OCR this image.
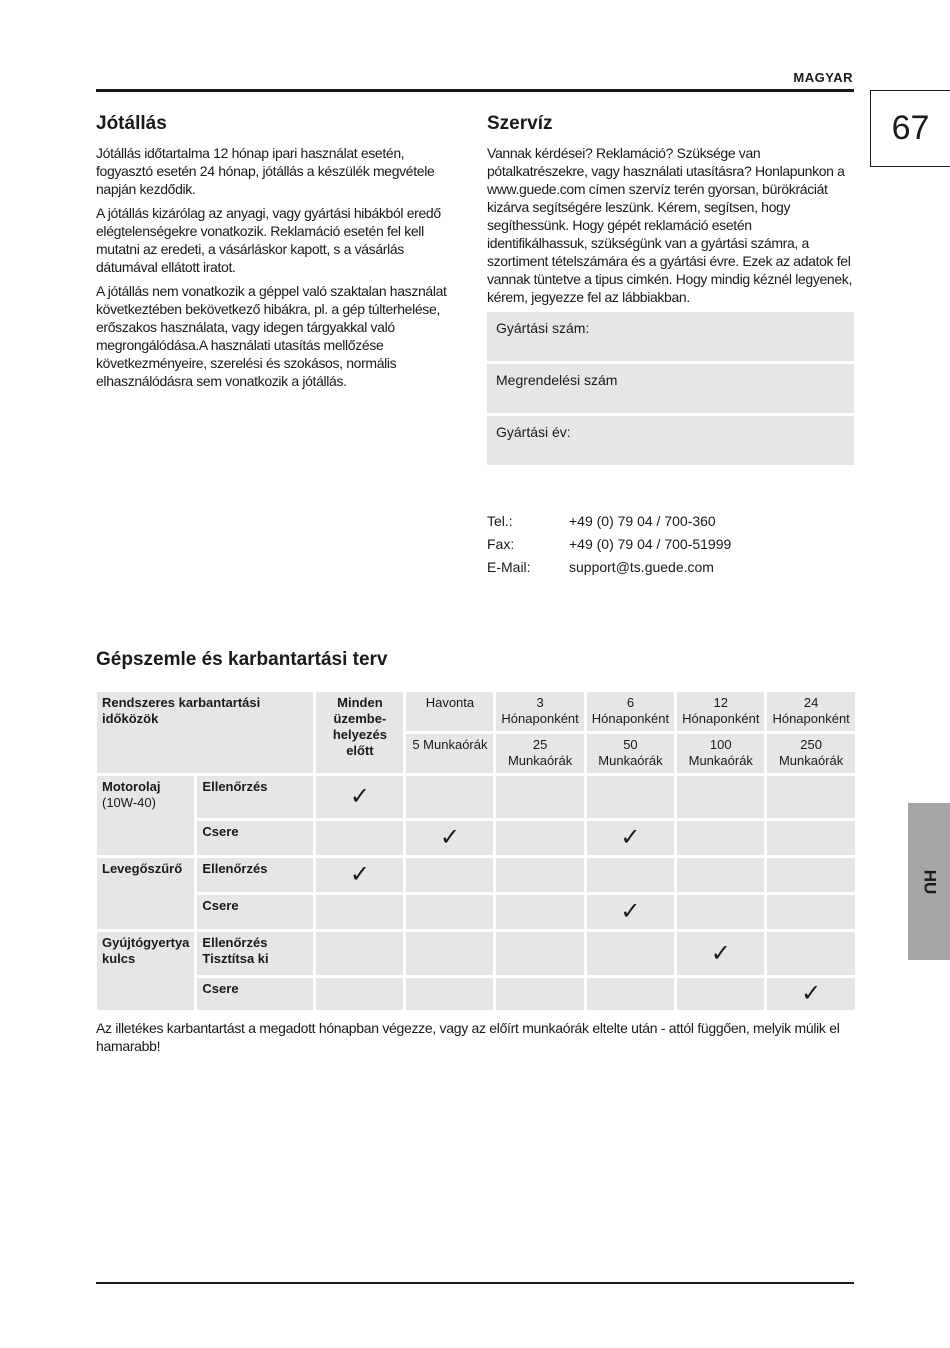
MAGYAR
67
HU
Jótállás

Jótállás időtartalma 12 hónap ipari használat esetén, fogyasztó esetén 24 hónap, jótállás a készülék megvétele napján kezdődik.

A jótállás kizárólag az anyagi, vagy gyártási hibákból eredő elégtelenségekre vonatkozik. Reklamáció esetén fel kell mutatni az eredeti, a vásárláskor kapott, s a vásárlás dátumával ellátott iratot.

A jótállás nem vonatkozik a géppel való szaktalan használat következtében bekövetkező hibákra, pl. a gép túlterhelése, erőszakos használata, vagy idegen tárgyakkal való megrongálódása.A használati utasítás mellőzése következményeire, szerelési és szokásos, normális elhasználódásra sem vonatkozik a jótállás.

Szervíz

Vannak kérdései? Reklamáció? Szüksége van pótalkatrészekre, vagy használati utasításra? Honlapunkon a www.guede.com címen szervíz terén gyorsan, bürökráciát kizárva segítségére leszünk. Kérem, segítsen, hogy segíthessünk. Hogy gépét reklamáció esetén identifikálhassuk, szükségünk van a gyártási számra, a szortiment tételszámára és a gyártási évre. Ezek az adatok fel vannak tüntetve a tipus cimkén. Hogy mindig kéznél legyenek, kérem, jegyezze fel az lábbiakban.

Gyártási szám:
Megrendelési szám
Gyártási év:
Tel.:	+49 (0) 79 04 / 700-360
Fax:	+49 (0) 79 04 / 700-51999
E-Mail:	support@ts.guede.com
Gépszemle és karbantartási terv
Rendszeres karbantartási időközök		Minden üzembe-helyezés előtt	Havonta	3 Hónaponként	6 Hónaponként	12 Hónaponként	24 Hónaponként
			5 Munkaórák	25 Munkaórák	50 Munkaórák	100 Munkaórák	250 Munkaórák

Motorolaj
(10W-40)	Ellenőrzés	✓					
	Csere		✓		✓		

Levegőszűrő	Ellenőrzés	✓					
	Csere				✓		

Gyújtógyertya kulcs	Ellenőrzés Tisztítsa ki					✓	
	Csere						✓
Az illetékes karbantartást a megadott hónapban végezze, vagy az előírt munkaórák eltelte után - attól függően, melyik múlik el hamarabb!
